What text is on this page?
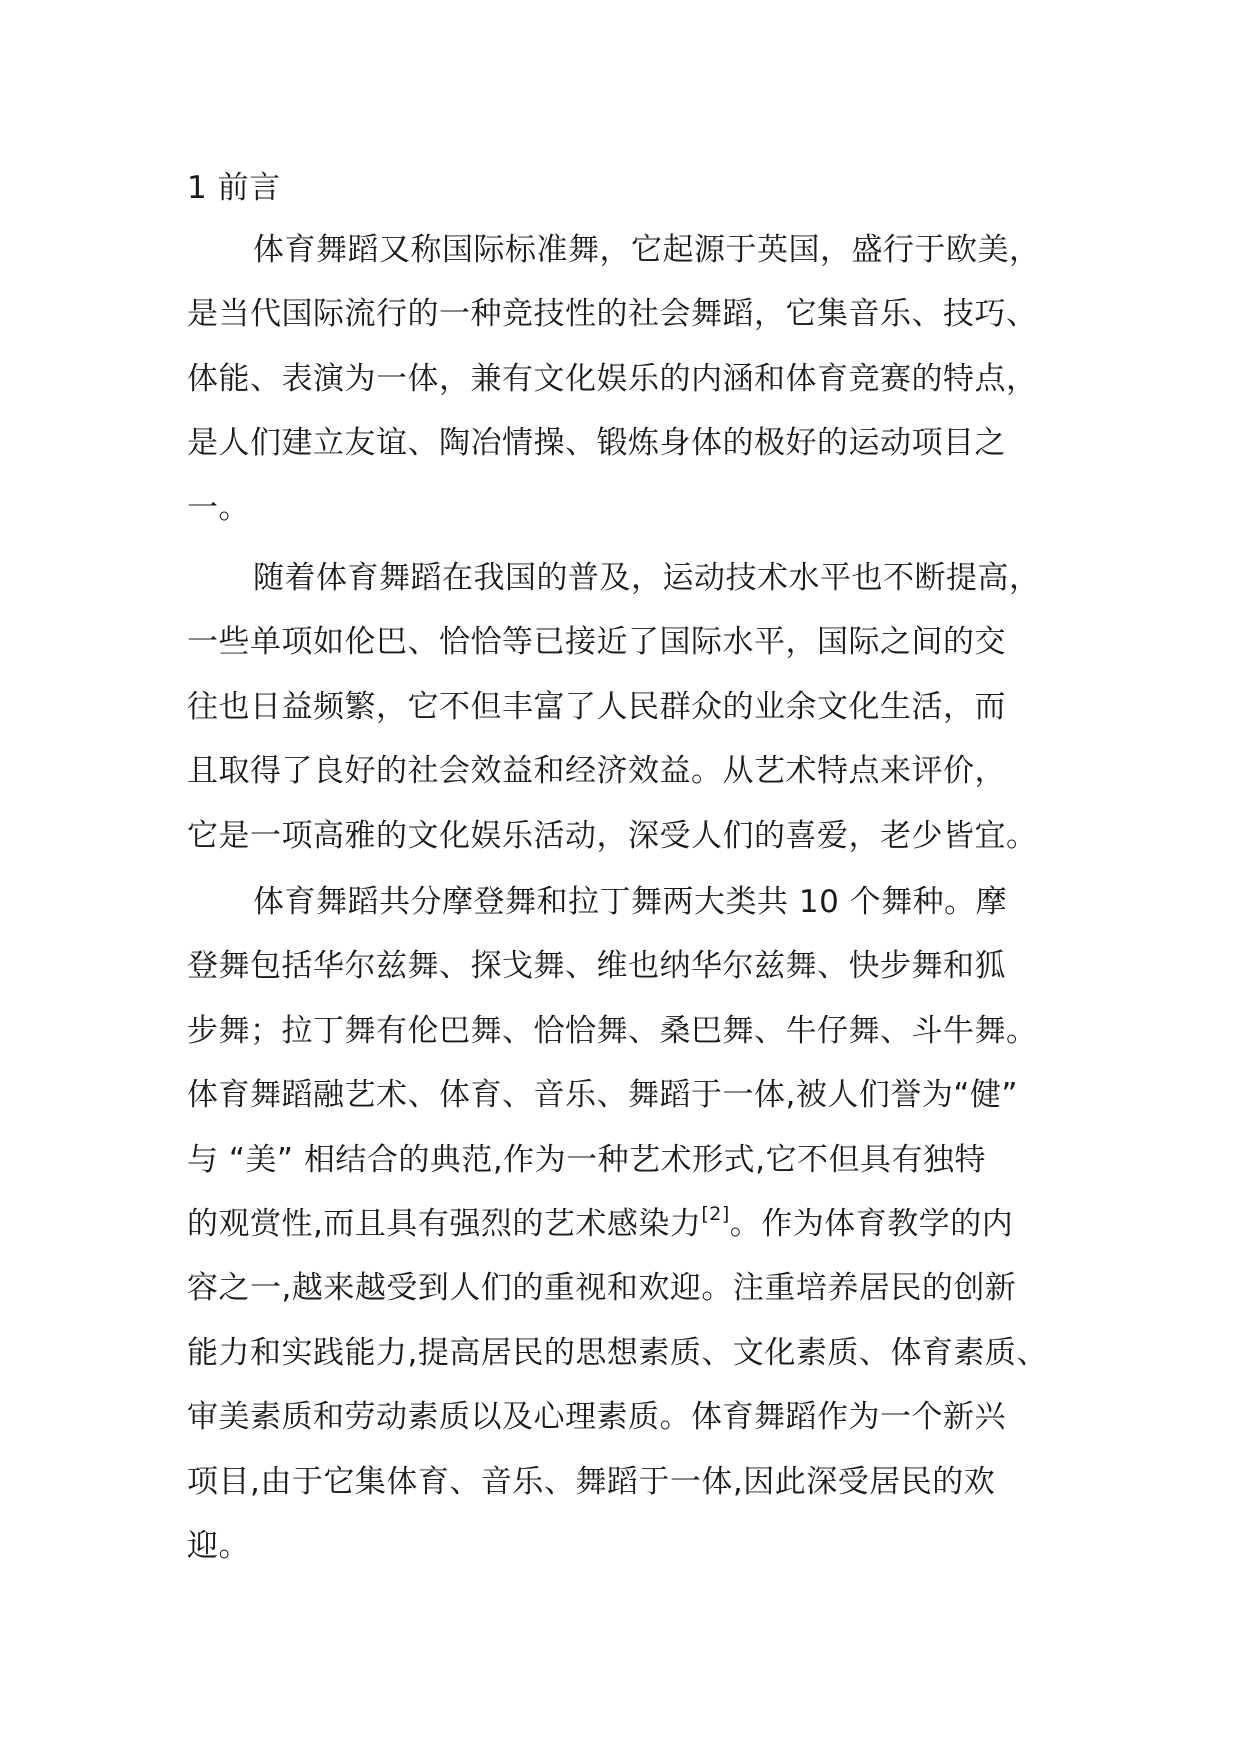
1 前言
体育舞蹈又称国际标准舞，它起源于英国，盛行于欧美，
是当代国际流行的一种竞技性的社会舞蹈，它集音乐、技巧、
体能、表演为一体，兼有文化娱乐的内涵和体育竞赛的特点，
是人们建立友谊、陶冶情操、锻炼身体的极好的运动项目之
一。
随着体育舞蹈在我国的普及，运动技术水平也不断提高，
一些单项如伦巴、恰恰等已接近了国际水平，国际之间的交
往也日益频繁，它不但丰富了人民群众的业余文化生活，而
且取得了良好的社会效益和经济效益。从艺术特点来评价，
它是一项高雅的文化娱乐活动，深受人们的喜爱，老少皆宜。
体育舞蹈共分摩登舞和拉丁舞两大类共 10 个舞种。摩
登舞包括华尔兹舞、探戈舞、维也纳华尔兹舞、快步舞和狐
步舞；拉丁舞有伦巴舞、恰恰舞、桑巴舞、牛仔舞、斗牛舞。
体育舞蹈融艺术、体育、音乐、舞蹈于一体,被人们誉为“健”
与 “美” 相结合的典范,作为一种艺术形式,它不但具有独特
的观赏性,而且具有强烈的艺术感染力[2]。作为体育教学的内
容之一,越来越受到人们的重视和欢迎。注重培养居民的创新
能力和实践能力,提高居民的思想素质、文化素质、体育素质、
审美素质和劳动素质以及心理素质。体育舞蹈作为一个新兴
项目,由于它集体育、音乐、舞蹈于一体,因此深受居民的欢
迎。
